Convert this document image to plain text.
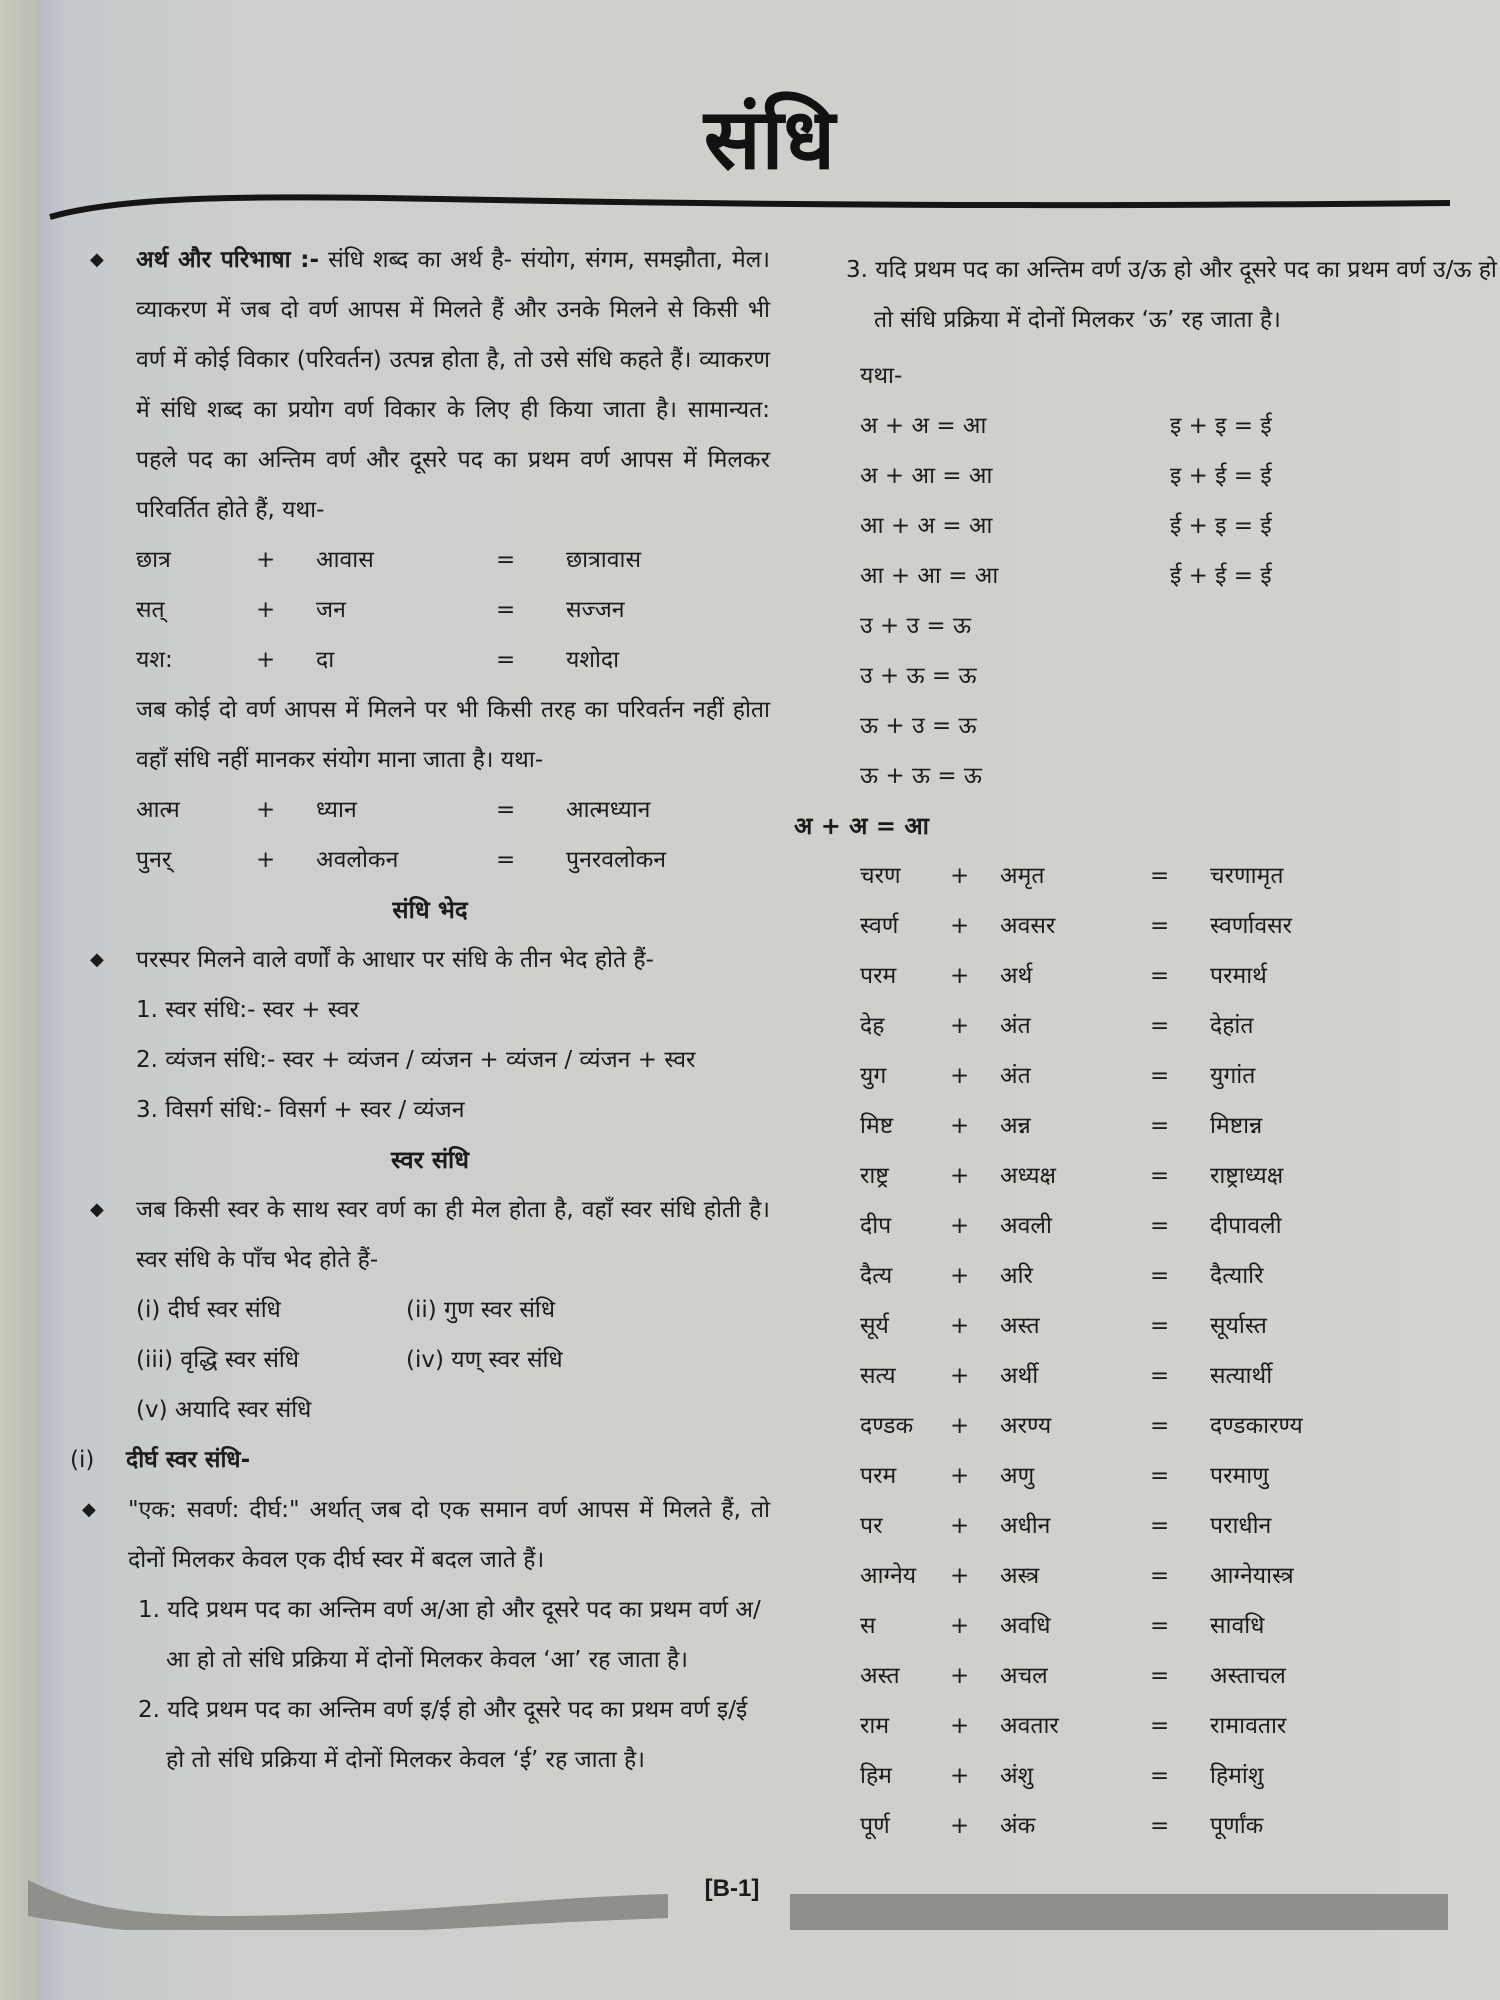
संधि
◆ अर्थ और परिभाषा :- संधि शब्द का अर्थ है- संयोग, संगम, समझौता, मेल। व्याकरण में जब दो वर्ण आपस में मिलते हैं और उनके मिलने से किसी भी वर्ण में कोई विकार (परिवर्तन) उत्पन्न होता है, तो उसे संधि कहते हैं। व्याकरण में संधि शब्द का प्रयोग वर्ण विकार के लिए ही किया जाता है। सामान्यत: पहले पद का अन्तिम वर्ण और दूसरे पद का प्रथम वर्ण आपस में मिलकर परिवर्तित होते हैं, यथा-
छात्र	+	आवास	=	छात्रावास
सत्	+	जन	=	सज्जन
यश:	+	दा	=	यशोदा
जब कोई दो वर्ण आपस में मिलने पर भी किसी तरह का परिवर्तन नहीं होता वहाँ संधि नहीं मानकर संयोग माना जाता है। यथा-
आत्म	+	ध्यान	=	आत्मध्यान
पुनर्	+	अवलोकन	=	पुनरवलोकन
संधि भेद
◆ परस्पर मिलने वाले वर्णों के आधार पर संधि के तीन भेद होते हैं-
1. स्वर संधि:- स्वर + स्वर
2. व्यंजन संधि:- स्वर + व्यंजन / व्यंजन + व्यंजन / व्यंजन + स्वर
3. विसर्ग संधि:- विसर्ग + स्वर / व्यंजन
स्वर संधि
◆ जब किसी स्वर के साथ स्वर वर्ण का ही मेल होता है, वहाँ स्वर संधि होती है। स्वर संधि के पाँच भेद होते हैं-
(i) दीर्घ स्वर संधि	(ii) गुण स्वर संधि
(iii) वृद्धि स्वर संधि	(iv) यण् स्वर संधि
(v) अयादि स्वर संधि
(i)	दीर्घ स्वर संधि-
◆ "एक: सवर्ण: दीर्घ:" अर्थात् जब दो एक समान वर्ण आपस में मिलते हैं, तो दोनों मिलकर केवल एक दीर्घ स्वर में बदल जाते हैं।
1. यदि प्रथम पद का अन्तिम वर्ण अ/आ हो और दूसरे पद का प्रथम वर्ण अ/आ हो तो संधि प्रक्रिया में दोनों मिलकर केवल ‘आ’ रह जाता है।
2. यदि प्रथम पद का अन्तिम वर्ण इ/ई हो और दूसरे पद का प्रथम वर्ण इ/ई हो तो संधि प्रक्रिया में दोनों मिलकर केवल ‘ई’ रह जाता है।
3. यदि प्रथम पद का अन्तिम वर्ण उ/ऊ हो और दूसरे पद का प्रथम वर्ण उ/ऊ हो तो संधि प्रक्रिया में दोनों मिलकर ‘ऊ’ रह जाता है।
यथा-
अ + अ = आ	इ + इ = ई
अ + आ = आ	इ + ई = ई
आ + अ = आ	ई + इ = ई
आ + आ = आ	ई + ई = ई
उ + उ = ऊ
उ + ऊ = ऊ
ऊ + उ = ऊ
ऊ + ऊ = ऊ
अ + अ = आ
चरण	+	अमृत	=	चरणामृत
स्वर्ण	+	अवसर	=	स्वर्णावसर
परम	+	अर्थ	=	परमार्थ
देह	+	अंत	=	देहांत
युग	+	अंत	=	युगांत
मिष्ट	+	अन्न	=	मिष्टान्न
राष्ट्र	+	अध्यक्ष	=	राष्ट्राध्यक्ष
दीप	+	अवली	=	दीपावली
दैत्य	+	अरि	=	दैत्यारि
सूर्य	+	अस्त	=	सूर्यास्त
सत्य	+	अर्थी	=	सत्यार्थी
दण्डक	+	अरण्य	=	दण्डकारण्य
परम	+	अणु	=	परमाणु
पर	+	अधीन	=	पराधीन
आग्नेय	+	अस्त्र	=	आग्नेयास्त्र
स	+	अवधि	=	सावधि
अस्त	+	अचल	=	अस्ताचल
राम	+	अवतार	=	रामावतार
हिम	+	अंशु	=	हिमांशु
पूर्ण	+	अंक	=	पूर्णांक
[B-1]
